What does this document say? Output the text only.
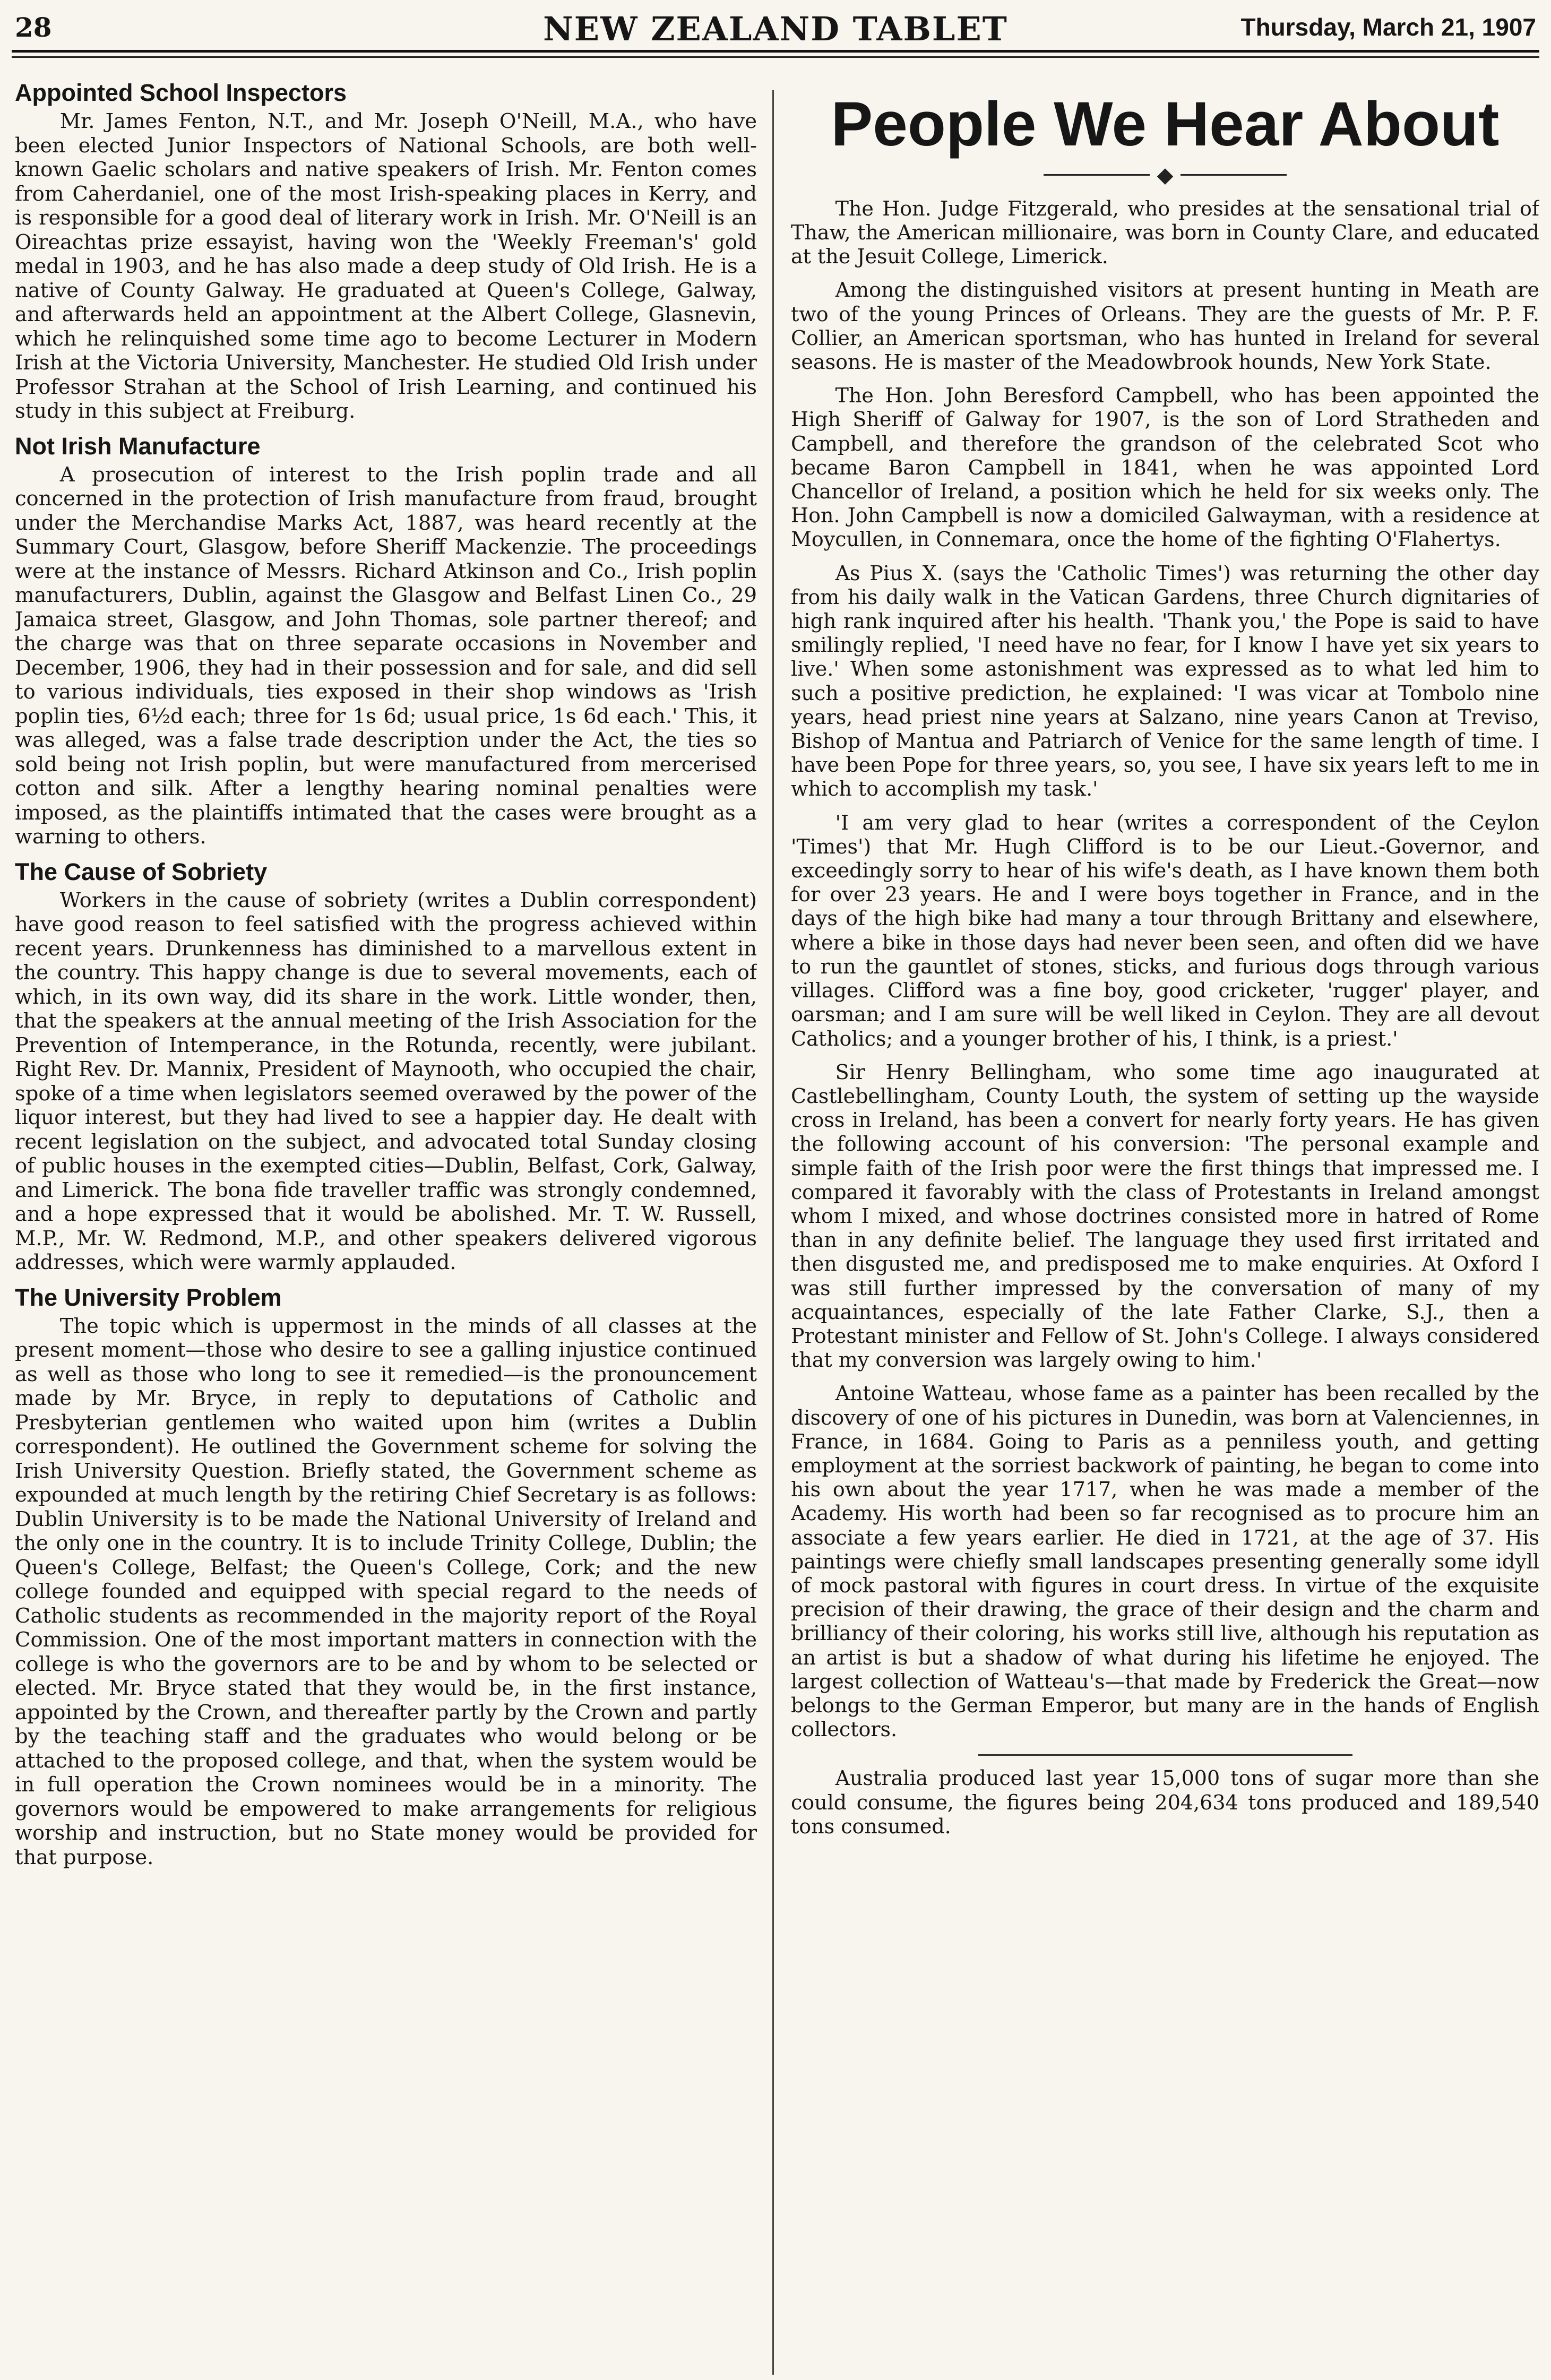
28	NEW ZEALAND TABLET	Thursday, March 21, 1907
Appointed School Inspectors

Mr. James Fenton, N.T., and Mr. Joseph O'Neill, M.A., who have been elected Junior Inspectors of National Schools, are both well-known Gaelic scholars and native speakers of Irish. Mr. Fenton comes from Caherdaniel, one of the most Irish-speaking places in Kerry, and is responsible for a good deal of literary work in Irish. Mr. O'Neill is an Oireachtas prize essayist, having won the 'Weekly Freeman's' gold medal in 1903, and he has also made a deep study of Old Irish. He is a native of County Galway. He graduated at Queen's College, Galway, and afterwards held an appointment at the Albert College, Glasnevin, which he relinquished some time ago to become Lecturer in Modern Irish at the Victoria University, Manchester. He studied Old Irish under Professor Strahan at the School of Irish Learning, and continued his study in this subject at Freiburg.

Not Irish Manufacture

A prosecution of interest to the Irish poplin trade and all concerned in the protection of Irish manufacture from fraud, brought under the Merchandise Marks Act, 1887, was heard recently at the Summary Court, Glasgow, before Sheriff Mackenzie. The proceedings were at the instance of Messrs. Richard Atkinson and Co., Irish poplin manufacturers, Dublin, against the Glasgow and Belfast Linen Co., 29 Jamaica street, Glasgow, and John Thomas, sole partner thereof; and the charge was that on three separate occasions in November and December, 1906, they had in their possession and for sale, and did sell to various individuals, ties exposed in their shop windows as 'Irish poplin ties, 6½d each; three for 1s 6d; usual price, 1s 6d each.' This, it was alleged, was a false trade description under the Act, the ties so sold being not Irish poplin, but were manufactured from mercerised cotton and silk. After a lengthy hearing nominal penalties were imposed, as the plaintiffs intimated that the cases were brought as a warning to others.

The Cause of Sobriety

Workers in the cause of sobriety (writes a Dublin correspondent) have good reason to feel satisfied with the progress achieved within recent years. Drunkenness has diminished to a marvellous extent in the country. This happy change is due to several movements, each of which, in its own way, did its share in the work. Little wonder, then, that the speakers at the annual meeting of the Irish Association for the Prevention of Intemperance, in the Rotunda, recently, were jubilant. Right Rev. Dr. Mannix, President of Maynooth, who occupied the chair, spoke of a time when legislators seemed overawed by the power of the liquor interest, but they had lived to see a happier day. He dealt with recent legislation on the subject, and advocated total Sunday closing of public houses in the exempted cities—Dublin, Belfast, Cork, Galway, and Limerick. The bona fide traveller traffic was strongly condemned, and a hope expressed that it would be abolished. Mr. T. W. Russell, M.P., Mr. W. Redmond, M.P., and other speakers delivered vigorous addresses, which were warmly applauded.

The University Problem

The topic which is uppermost in the minds of all classes at the present moment—those who desire to see a galling injustice continued as well as those who long to see it remedied—is the pronouncement made by Mr. Bryce, in reply to deputations of Catholic and Presbyterian gentlemen who waited upon him (writes a Dublin correspondent). He outlined the Government scheme for solving the Irish University Question. Briefly stated, the Government scheme as expounded at much length by the retiring Chief Secretary is as follows: Dublin University is to be made the National University of Ireland and the only one in the country. It is to include Trinity College, Dublin; the Queen's College, Belfast; the Queen's College, Cork; and the new college founded and equipped with special regard to the needs of Catholic students as recommended in the majority report of the Royal Commission. One of the most important matters in connection with the college is who the governors are to be and by whom to be selected or elected. Mr. Bryce stated that they would be, in the first instance, appointed by the Crown, and thereafter partly by the Crown and partly by the teaching staff and the graduates who would belong or be attached to the proposed college, and that, when the system would be in full operation the Crown nominees would be in a minority. The governors would be empowered to make arrangements for religious worship and instruction, but no State money would be provided for that purpose.

People We Hear About
◆

The Hon. Judge Fitzgerald, who presides at the sensational trial of Thaw, the American millionaire, was born in County Clare, and educated at the Jesuit College, Limerick.

Among the distinguished visitors at present hunting in Meath are two of the young Princes of Orleans. They are the guests of Mr. P. F. Collier, an American sportsman, who has hunted in Ireland for several seasons. He is master of the Meadowbrook hounds, New York State.

The Hon. John Beresford Campbell, who has been appointed the High Sheriff of Galway for 1907, is the son of Lord Stratheden and Campbell, and therefore the grandson of the celebrated Scot who became Baron Campbell in 1841, when he was appointed Lord Chancellor of Ireland, a position which he held for six weeks only. The Hon. John Campbell is now a domiciled Galwayman, with a residence at Moycullen, in Connemara, once the home of the fighting O'Flahertys.

As Pius X. (says the 'Catholic Times') was returning the other day from his daily walk in the Vatican Gardens, three Church dignitaries of high rank inquired after his health. 'Thank you,' the Pope is said to have smilingly replied, 'I need have no fear, for I know I have yet six years to live.' When some astonishment was expressed as to what led him to such a positive prediction, he explained: 'I was vicar at Tombolo nine years, head priest nine years at Salzano, nine years Canon at Treviso, Bishop of Mantua and Patriarch of Venice for the same length of time. I have been Pope for three years, so, you see, I have six years left to me in which to accomplish my task.'

'I am very glad to hear (writes a correspondent of the Ceylon 'Times') that Mr. Hugh Clifford is to be our Lieut.-Governor, and exceedingly sorry to hear of his wife's death, as I have known them both for over 23 years. He and I were boys together in France, and in the days of the high bike had many a tour through Brittany and elsewhere, where a bike in those days had never been seen, and often did we have to run the gauntlet of stones, sticks, and furious dogs through various villages. Clifford was a fine boy, good cricketer, 'rugger' player, and oarsman; and I am sure will be well liked in Ceylon. They are all devout Catholics; and a younger brother of his, I think, is a priest.'

Sir Henry Bellingham, who some time ago inaugurated at Castlebellingham, County Louth, the system of setting up the wayside cross in Ireland, has been a convert for nearly forty years. He has given the following account of his conversion: 'The personal example and simple faith of the Irish poor were the first things that impressed me. I compared it favorably with the class of Protestants in Ireland amongst whom I mixed, and whose doctrines consisted more in hatred of Rome than in any definite belief. The language they used first irritated and then disgusted me, and predisposed me to make enquiries. At Oxford I was still further impressed by the conversation of many of my acquaintances, especially of the late Father Clarke, S.J., then a Protestant minister and Fellow of St. John's College. I always considered that my conversion was largely owing to him.'

Antoine Watteau, whose fame as a painter has been recalled by the discovery of one of his pictures in Dunedin, was born at Valenciennes, in France, in 1684. Going to Paris as a penniless youth, and getting employment at the sorriest backwork of painting, he began to come into his own about the year 1717, when he was made a member of the Academy. His worth had been so far recognised as to procure him an associate a few years earlier. He died in 1721, at the age of 37. His paintings were chiefly small landscapes presenting generally some idyll of mock pastoral with figures in court dress. In virtue of the exquisite precision of their drawing, the grace of their design and the charm and brilliancy of their coloring, his works still live, although his reputation as an artist is but a shadow of what during his lifetime he enjoyed. The largest collection of Watteau's—that made by Frederick the Great—now belongs to the German Emperor, but many are in the hands of English collectors.

Australia produced last year 15,000 tons of sugar more than she could consume, the figures being 204,634 tons produced and 189,540 tons consumed.
